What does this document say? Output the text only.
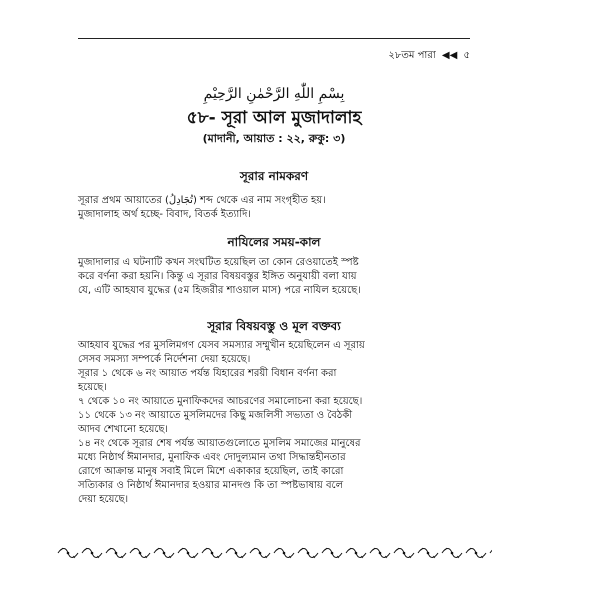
২৮তম পারা ◀◀ ৫
بِسْمِ اللّٰهِ الرَّحْمٰنِ الرَّحِيْمِ
৫৮- সূরা আল মুজাদালাহ
(মাদানী, আয়াত : ২২, রুকু: ৩)
সূরার নামকরণ

সূরার প্রথম আয়াতের (تُجَادِلُ) শব্দ থেকে এর নাম সংগৃহীত হয়।

মুজাদালাহ অর্থ হচ্ছে- বিবাদ, বিতর্ক ইত্যাদি।

নাযিলের সময়-কাল

মুজাদালার এ ঘটনাটি কখন সংঘটিত হয়েছিল তা কোন রেওয়াতেই স্পষ্ট

করে বর্ণনা করা হয়নি। কিন্তু এ সূরার বিষয়বস্তুর ইঙ্গিত অনুযায়ী বলা যায়

যে, এটি আহযাব যুদ্ধের (৫ম হিজরীর শাওয়াল মাস) পরে নাযিল হয়েছে।

সূরার বিষয়বস্তু ও মূল বক্তব্য

আহযাব যুদ্ধের পর মুসলিমগণ যেসব সমস্যার সম্মুখীন হয়েছিলেন এ সূরায়

সেসব সমস্যা সম্পর্কে নির্দেশনা দেয়া হয়েছে।

সূরার ১ থেকে ৬ নং আয়াত পর্যন্ত যিহারের শরয়ী বিধান বর্ণনা করা

হয়েছে।

৭ থেকে ১০ নং আয়াতে মুনাফিকদের আচরণের সমালোচনা করা হয়েছে।

১১ থেকে ১৩ নং আয়াতে মুসলিমদের কিছু মজলিসী সভ্যতা ও বৈঠকী

আদব শেখানো হয়েছে।

১৪ নং থেকে সূরার শেষ পর্যন্ত আয়াতগুলোতে মুসলিম সমাজের মানুষের

মধ্যে নিষ্ঠার্থ ঈমানদার, মুনাফিক এবং দোদুল্যমান তথা সিদ্ধান্তহীনতার

রোগে আক্রান্ত মানুষ সবাই মিলে মিশে একাকার হয়েছিল, তাই কারো

সত্যিকার ও নিষ্ঠার্থ ঈমানদার হওয়ার মানদণ্ড কি তা স্পষ্টভাষায় বলে

দেয়া হয়েছে।
